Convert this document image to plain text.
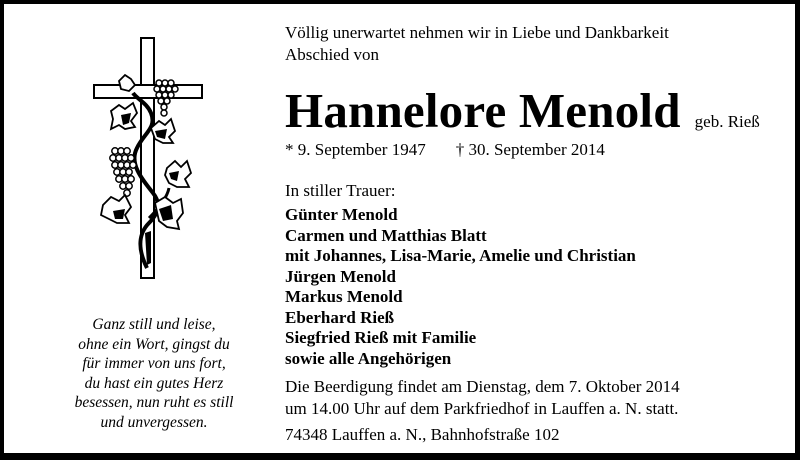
Ganz still und leise,
ohne ein Wort, gingst du
für immer von uns fort,
du hast ein gutes Herz
besessen, nun ruht es still
und unvergessen.
Völlig unerwartet nehmen wir in Liebe und Dankbarkeit
Abschied von
Hannelore Menold geb. Rieß
* 9. September 1947 † 30. September 2014
In stiller Trauer:
Günter Menold
Carmen und Matthias Blatt
mit Johannes, Lisa-Marie, Amelie und Christian
Jürgen Menold
Markus Menold
Eberhard Rieß
Siegfried Rieß mit Familie
sowie alle Angehörigen
Die Beerdigung findet am Dienstag, dem 7. Oktober 2014
um 14.00 Uhr auf dem Parkfriedhof in Lauffen a. N. statt.
74348 Lauffen a. N., Bahnhofstraße 102
